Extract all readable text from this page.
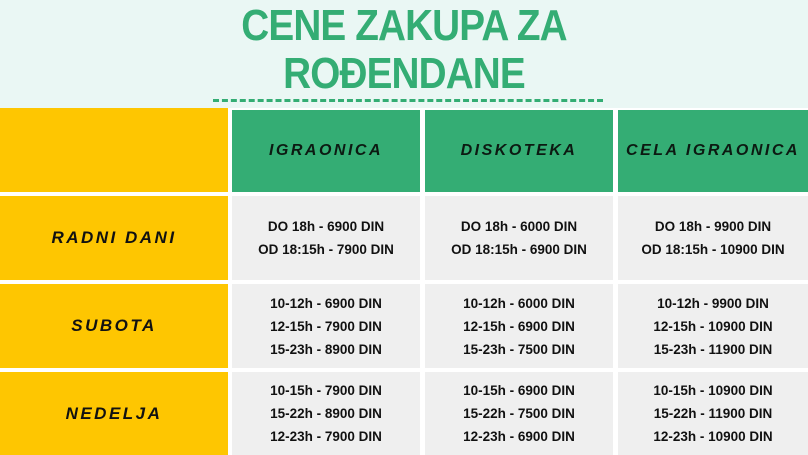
CENE ZAKUPA ZA
ROĐENDANE
IGRAONICA	DISKOTEKA	CELA IGRAONICA
RADNI DANI
DO 18h - 6900 DIN
OD 18:15h - 7900 DIN
DO 18h - 6000 DIN
OD 18:15h - 6900 DIN
DO 18h - 9900 DIN
OD 18:15h - 10900 DIN
SUBOTA
10-12h - 6900 DIN
12-15h - 7900 DIN
15-23h - 8900 DIN
10-12h - 6000 DIN
12-15h - 6900 DIN
15-23h - 7500 DIN
10-12h - 9900 DIN
12-15h - 10900 DIN
15-23h - 11900 DIN
NEDELJA
10-15h - 7900 DIN
15-22h - 8900 DIN
12-23h - 7900 DIN
10-15h - 6900 DIN
15-22h - 7500 DIN
12-23h - 6900 DIN
10-15h - 10900 DIN
15-22h - 11900 DIN
12-23h - 10900 DIN
